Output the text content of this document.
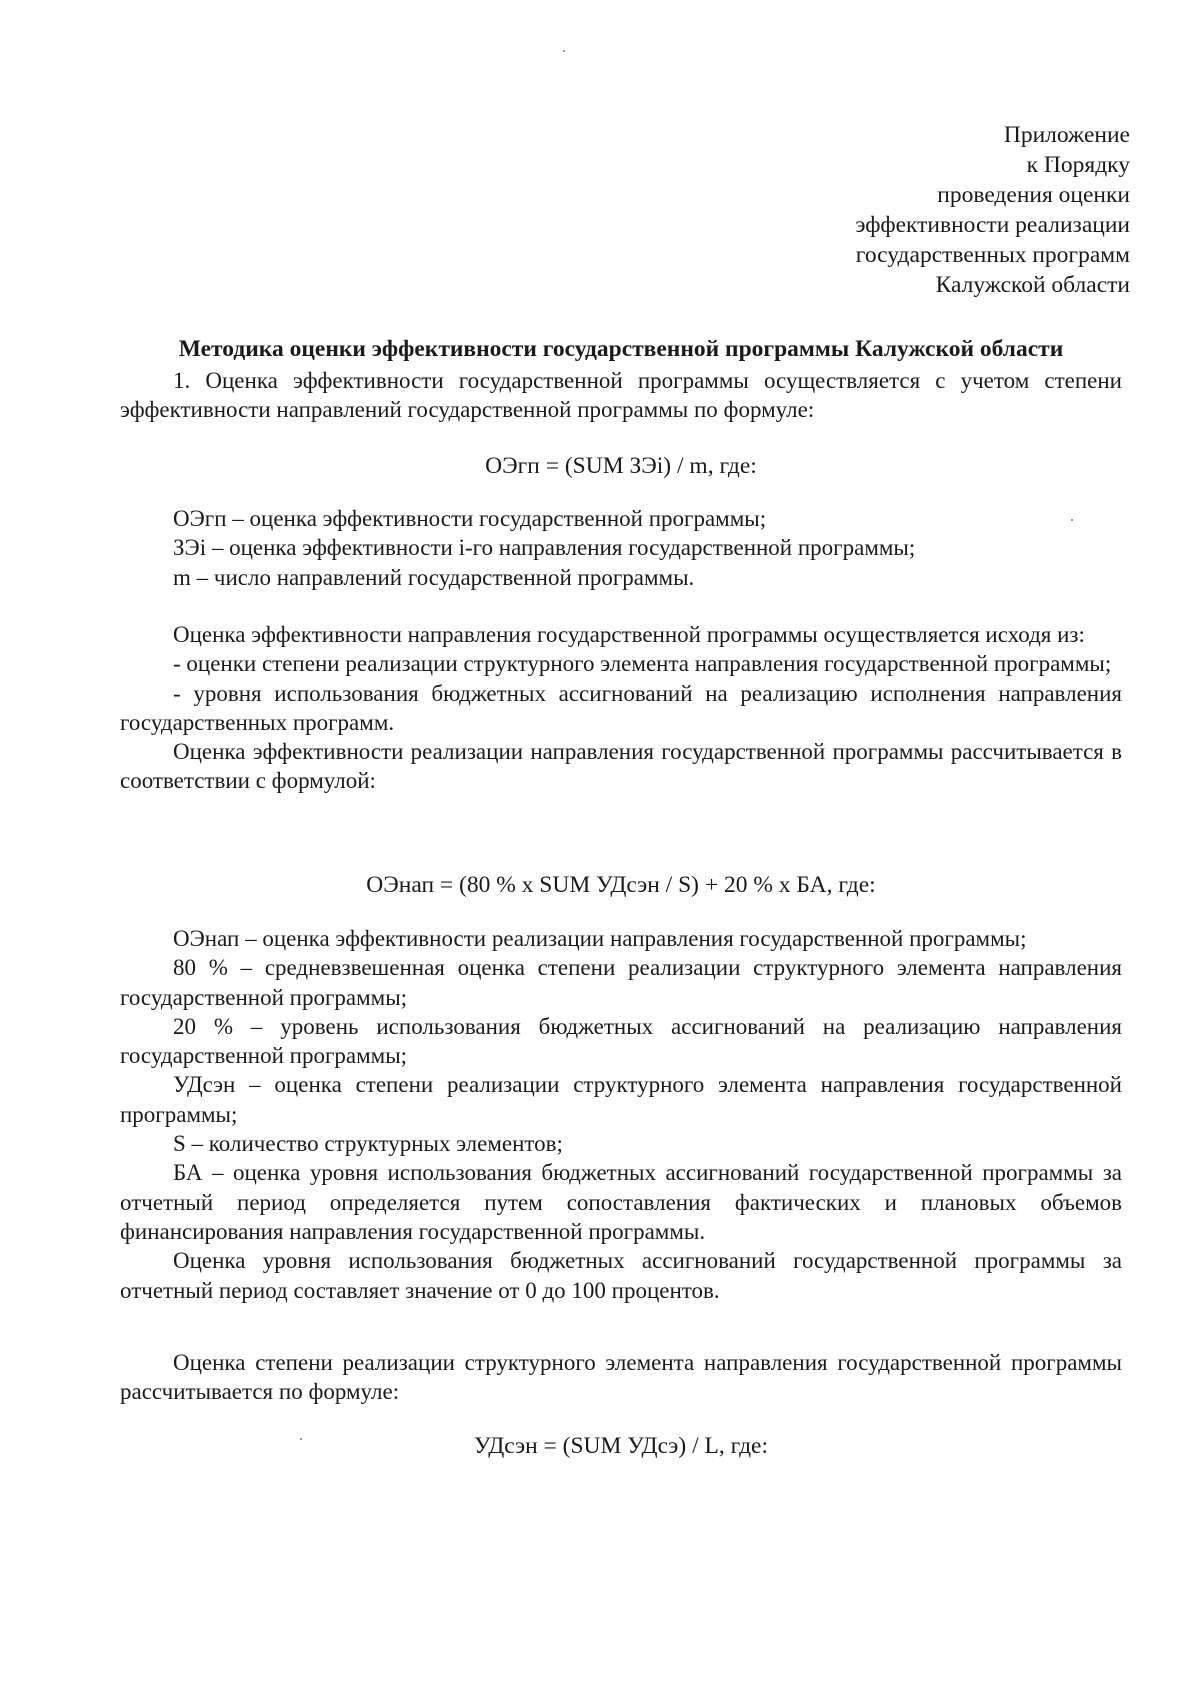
Приложение
к Порядку
проведения оценки
эффективности реализации
государственных программ
Калужской области
Методика оценки эффективности государственной программы Калужской области

1. Оценка эффективности государственной программы осуществляется с учетом степени эффективности направлений государственной программы по формуле:

ОЭгп = (SUM ЗЭi) / m, где:

ОЭгп – оценка эффективности государственной программы;

ЗЭi – оценка эффективности i-го направления государственной программы;

m – число направлений государственной программы.

Оценка эффективности направления государственной программы осуществляется исходя из:

- оценки степени реализации структурного элемента направления государственной программы;

- уровня использования бюджетных ассигнований на реализацию исполнения направления государственных программ.

Оценка эффективности реализации направления государственной программы рассчитывается в соответствии с формулой:

ОЭнап = (80 % x SUM УДсэн / S) + 20 % x БА, где:

ОЭнап – оценка эффективности реализации направления государственной программы;

80 % – средневзвешенная оценка степени реализации структурного элемента направления государственной программы;

20 % – уровень использования бюджетных ассигнований на реализацию направления государственной программы;

УДсэн – оценка степени реализации структурного элемента направления государственной программы;

S – количество структурных элементов;

БА – оценка уровня использования бюджетных ассигнований государственной программы за отчетный период определяется путем сопоставления фактических и плановых объемов финансирования направления государственной программы.

Оценка уровня использования бюджетных ассигнований государственной программы за отчетный период составляет значение от 0 до 100 процентов.

Оценка степени реализации структурного элемента направления государственной программы рассчитывается по формуле:

УДсэн = (SUM УДсэ) / L, где:
